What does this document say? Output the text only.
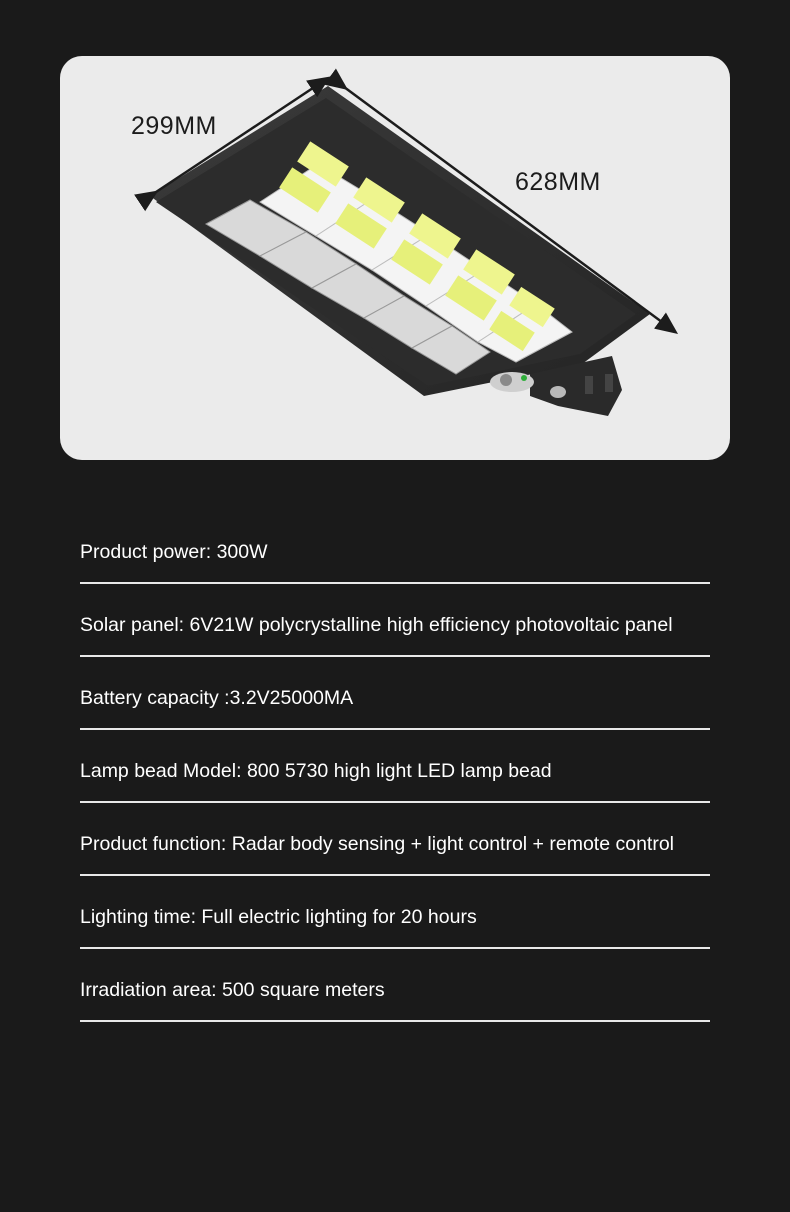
299MM
628MM
Product power: 300W
Solar panel: 6V21W polycrystalline high efficiency photovoltaic panel
Battery capacity :3.2V25000MA
Lamp bead Model: 800 5730 high light LED lamp bead
Product function: Radar body sensing + light control + remote control
Lighting time: Full electric lighting for 20 hours
Irradiation area: 500 square meters
